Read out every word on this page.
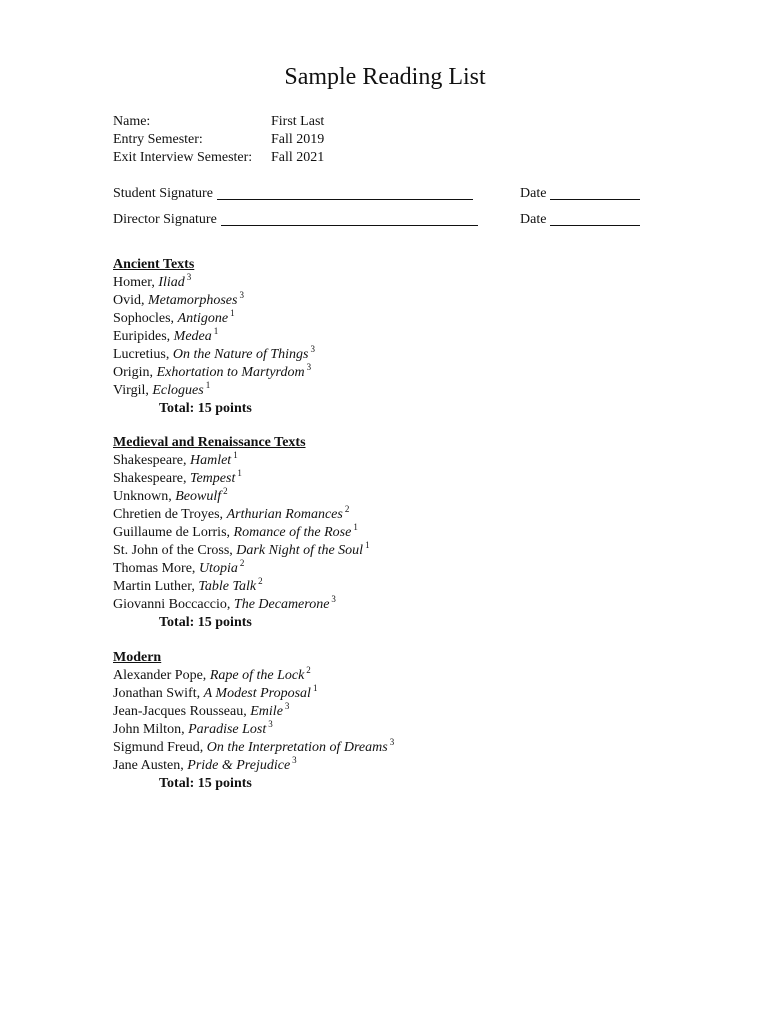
Sample Reading List
Name:	First Last
Entry Semester:	Fall 2019
Exit Interview Semester:	Fall 2021
Student Signature	Date
Director Signature	Date
Ancient Texts
Homer, Iliad $^3$
Ovid, Metamorphoses $^3$
Sophocles, Antigone $^1$
Euripides, Medea $^1$
Lucretius, On the Nature of Things $^3$
Origin, Exhortation to Martyrdom $^3$
Virgil, Eclogues $^1$
Total: 15 points
Medieval and Renaissance Texts
Shakespeare, Hamlet $^1$
Shakespeare, Tempest $^1$
Unknown, Beowulf $^2$
Chretien de Troyes, Arthurian Romances $^2$
Guillaume de Lorris, Romance of the Rose $^1$
St. John of the Cross, Dark Night of the Soul $^1$
Thomas More, Utopia $^2$
Martin Luther, Table Talk $^2$
Giovanni Boccaccio, The Decamerone $^3$
Total: 15 points
Modern
Alexander Pope, Rape of the Lock $^2$
Jonathan Swift, A Modest Proposal $^1$
Jean-Jacques Rousseau, Emile $^3$
John Milton, Paradise Lost $^3$
Sigmund Freud, On the Interpretation of Dreams $^3$
Jane Austen, Pride & Prejudice $^3$
Total: 15 points
